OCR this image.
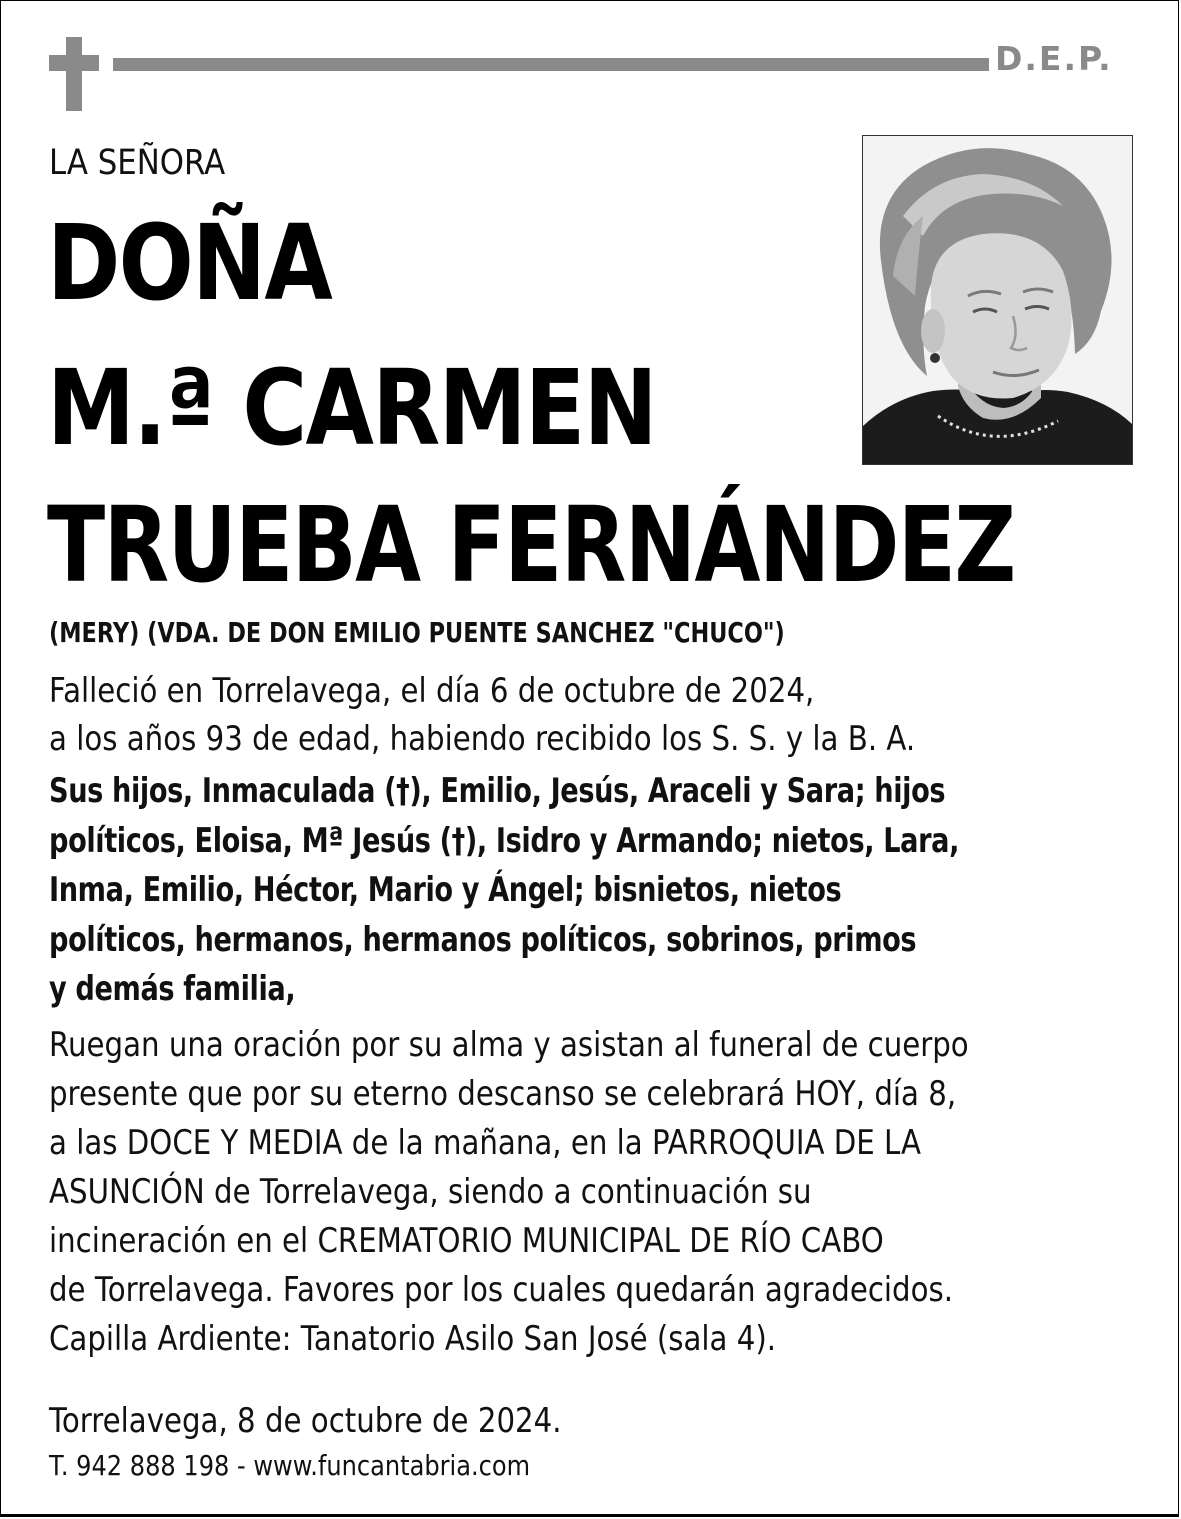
D.E.P.
LA SEÑORA
DOÑA
M.ª CARMEN
TRUEBA FERNÁNDEZ
(MERY) (VDA. DE DON EMILIO PUENTE SANCHEZ "CHUCO")
Falleció en Torrelavega, el día 6 de octubre de 2024,
a los años 93 de edad, habiendo recibido los S. S. y la B. A.
Sus hijos, Inmaculada (†), Emilio, Jesús, Araceli y Sara; hijos
políticos, Eloisa, Mª Jesús (†), Isidro y Armando; nietos, Lara,
Inma, Emilio, Héctor, Mario y Ángel; bisnietos, nietos
políticos, hermanos, hermanos políticos, sobrinos, primos
y demás familia,
Ruegan una oración por su alma y asistan al funeral de cuerpo
presente que por su eterno descanso se celebrará HOY, día 8,
a las DOCE Y MEDIA de la mañana, en la PARROQUIA DE LA
ASUNCIÓN de Torrelavega, siendo a continuación su
incineración en el CREMATORIO MUNICIPAL DE RÍO CABO
de Torrelavega. Favores por los cuales quedarán agradecidos.
Capilla Ardiente: Tanatorio Asilo San José (sala 4).
Torrelavega, 8 de octubre de 2024.
T. 942 888 198 - www.funcantabria.com
